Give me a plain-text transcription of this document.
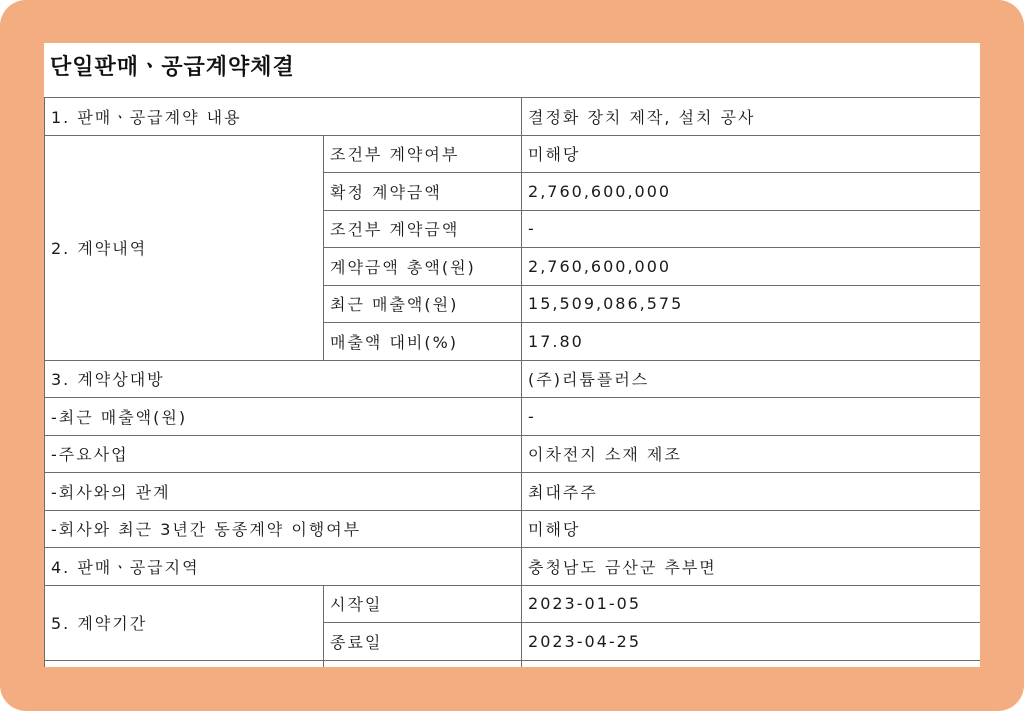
단일판매ㆍ공급계약체결
1. 판매ㆍ공급계약 내용		결정화 장치 제작, 설치 공사
2. 계약내역	조건부 계약여부	미해당
	확정 계약금액	2,760,600,000
	조건부 계약금액	-
	계약금액 총액(원)	2,760,600,000
	최근 매출액(원)	15,509,086,575
	매출액 대비(%)	17.80
3. 계약상대방		(주)리튬플러스
-최근 매출액(원)		-
-주요사업		이차전지 소재 제조
-회사와의 관계		최대주주
-회사와 최근 3년간 동종계약 이행여부		미해당
4. 판매ㆍ공급지역		충청남도 금산군 추부면
5. 계약기간	시작일	2023-01-05
	종료일	2023-04-25
